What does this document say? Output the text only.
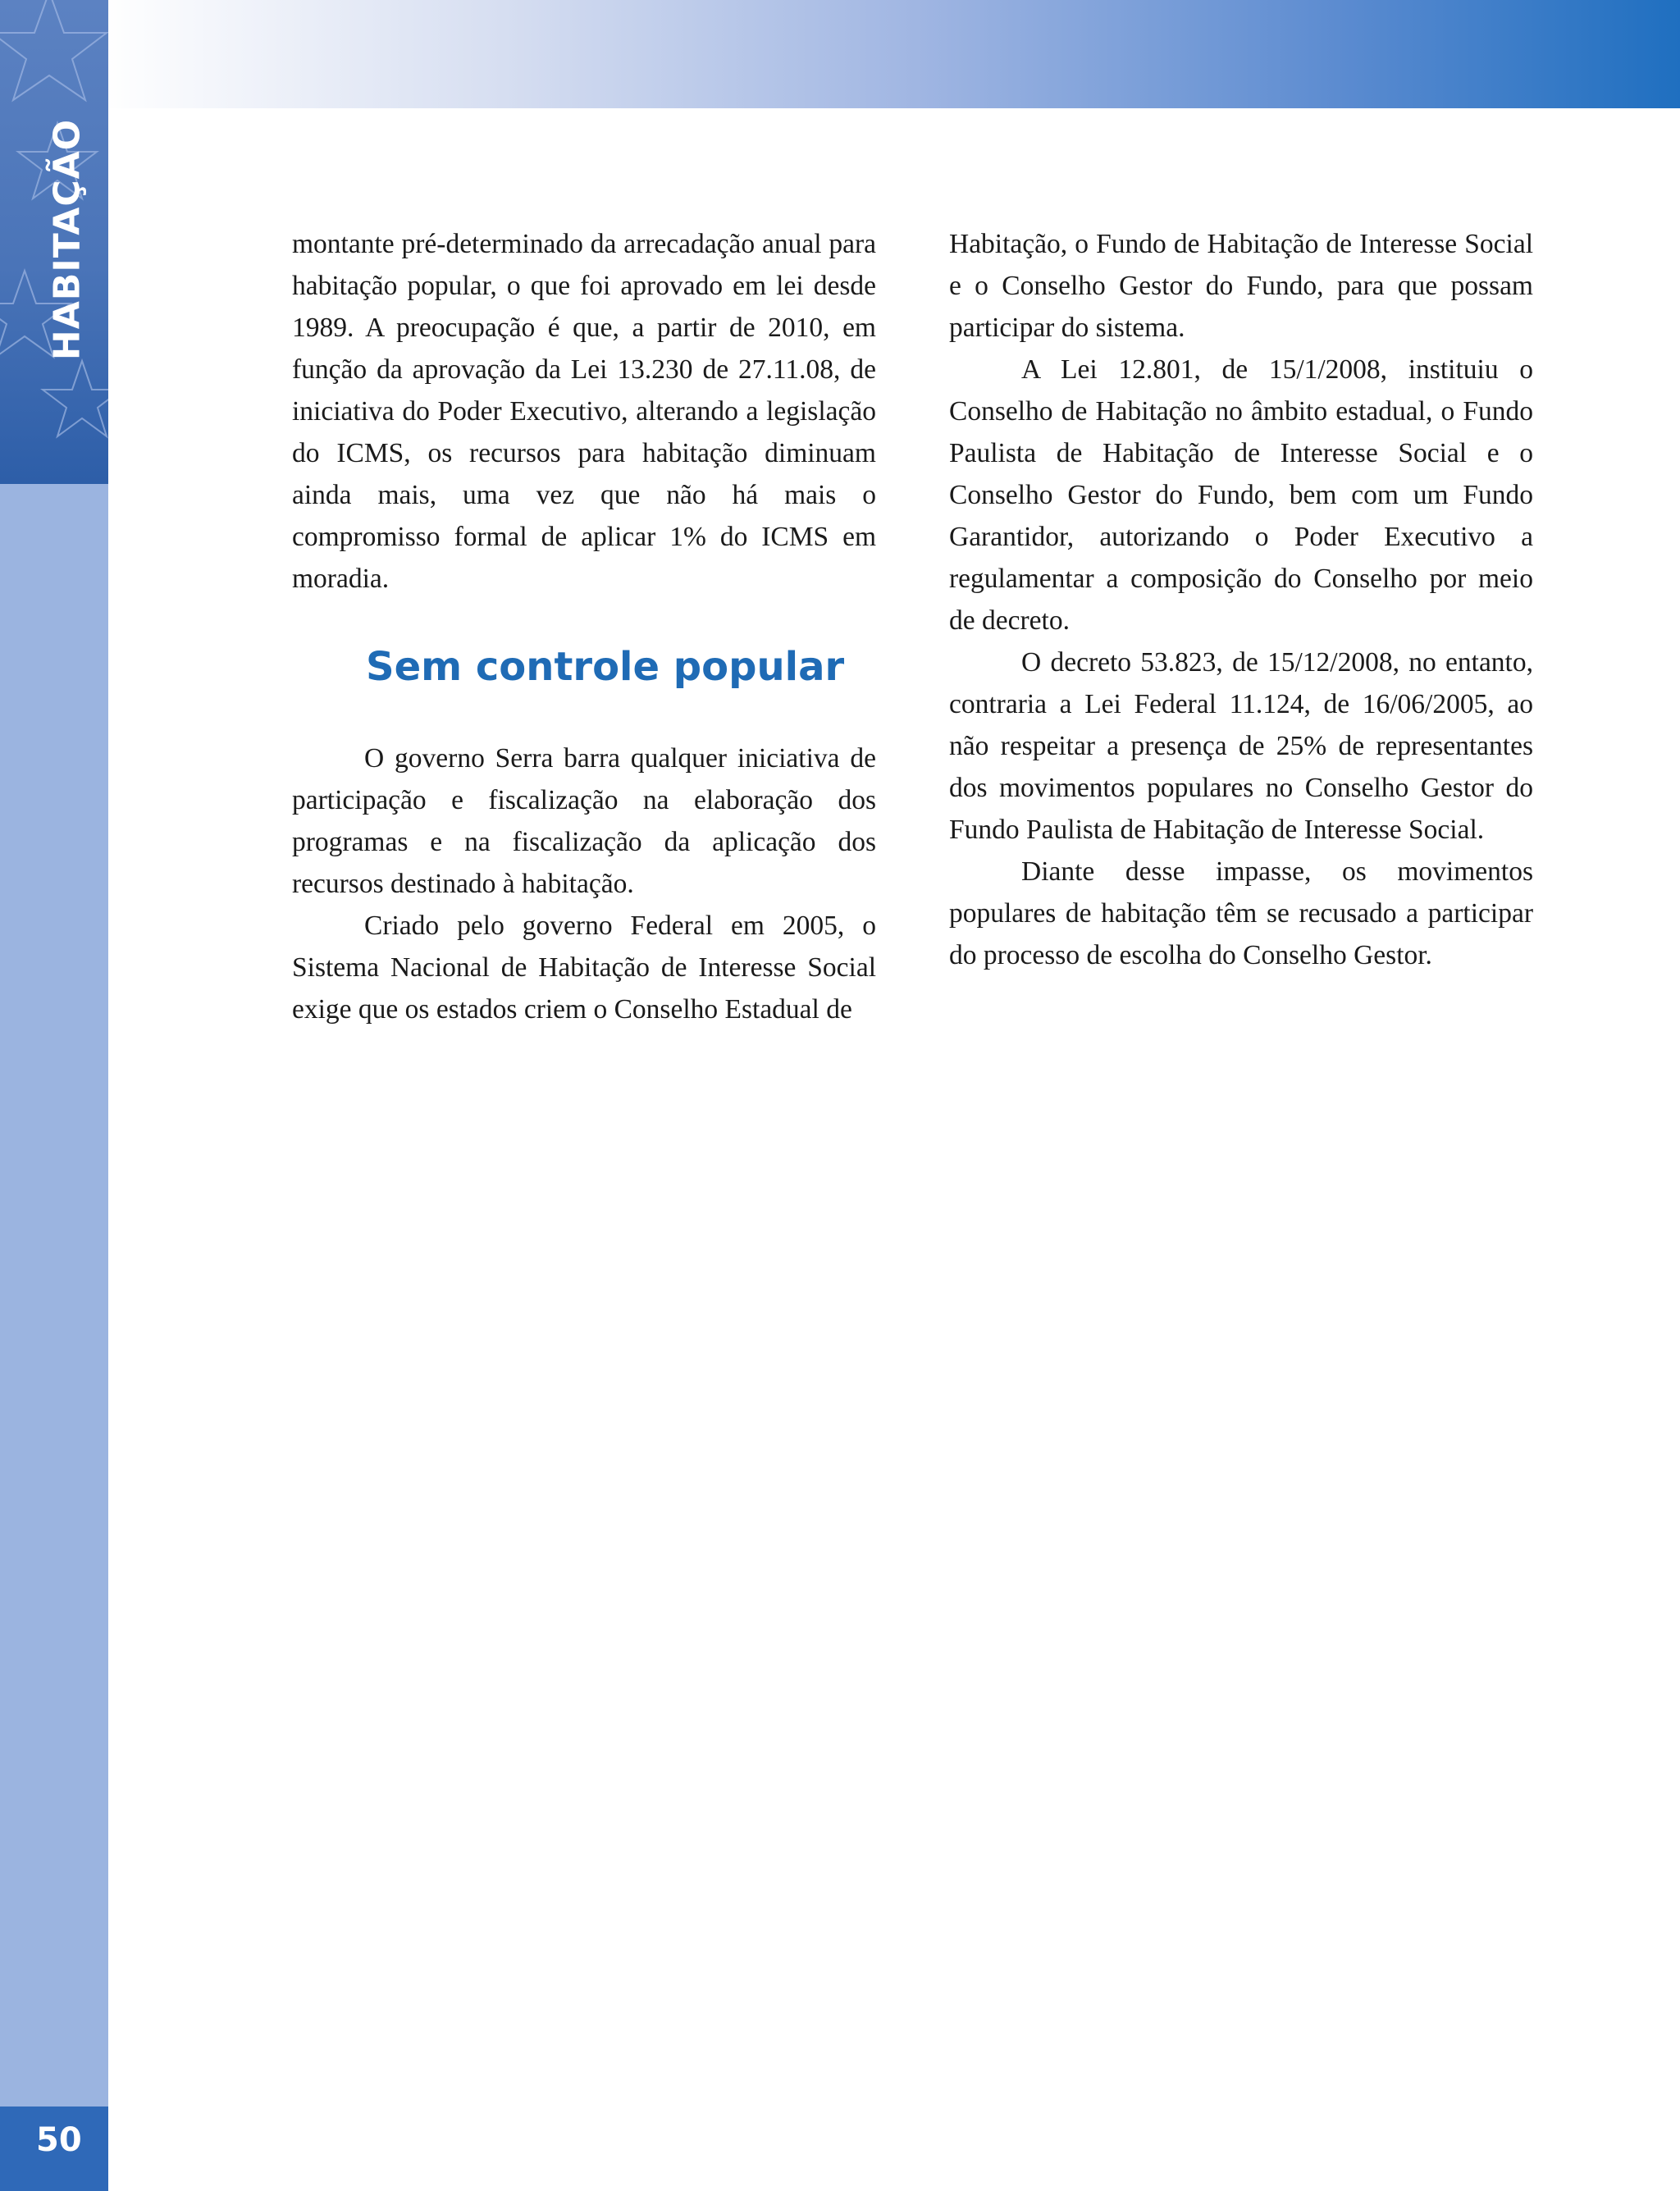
HABITAÇÃO
50

montante pré-determinado da arrecadação anual para habitação popular, o que foi aprovado em lei desde 1989. A preocupação é que, a partir de 2010, em função da aprovação da Lei 13.230 de 27.11.08, de iniciativa do Poder Executivo, alterando a legislação do ICMS, os recursos para habitação diminuam ainda mais, uma vez que não há mais o compromisso formal de aplicar 1% do ICMS em moradia.

Sem controle popular

O governo Serra barra qualquer iniciativa de participação e fiscalização na elaboração dos programas e na fiscalização da aplicação dos recursos destinado à habitação.

Criado pelo governo Federal em 2005, o Sistema Nacional de Habitação de Interesse Social exige que os estados criem o Conselho Estadual de

Habitação, o Fundo de Habitação de Interesse Social e o Conselho Gestor do Fundo, para que possam participar do sistema.

A Lei 12.801, de 15/1/2008, instituiu o Conselho de Habitação no âmbito estadual, o Fundo Paulista de Habitação de Interesse Social e o Conselho Gestor do Fundo, bem com um Fundo Garantidor, autorizando o Poder Executivo a regulamentar a composição do Conselho por meio de decreto.

O decreto 53.823, de 15/12/2008, no entanto, contraria a Lei Federal 11.124, de 16/06/2005, ao não respeitar a presença de 25% de representantes dos movimentos populares no Conselho Gestor do Fundo Paulista de Habitação de Interesse Social.

Diante desse impasse, os movimentos populares de habitação têm se recusado a participar do processo de escolha do Conselho Gestor.
